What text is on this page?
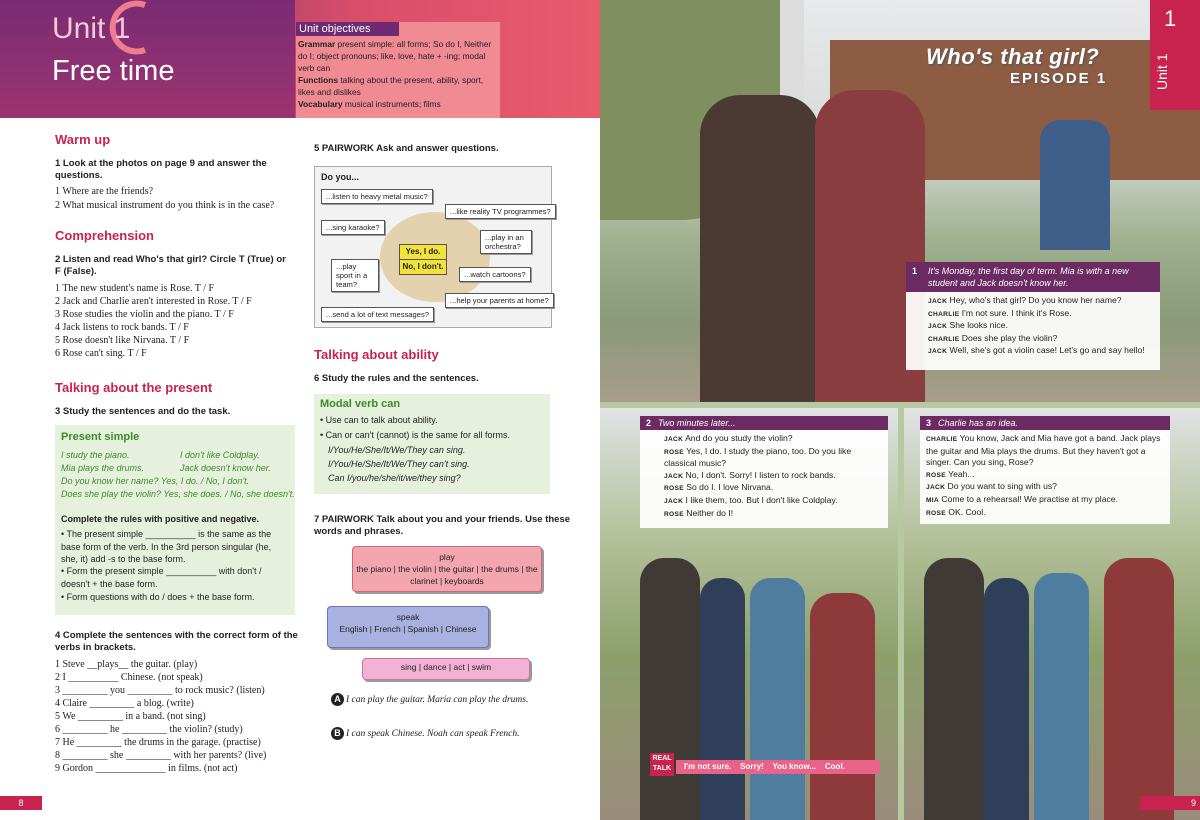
Unit 1
Free time
Unit objectives
Grammar present simple: all forms; So do I, Neither do I; object pronouns; like, love, hate + -ing; modal verb can
Functions talking about the present, ability, sport, likes and dislikes
Vocabulary musical instruments; films
Warm up
1 Look at the photos on page 9 and answer the questions.
1 Where are the friends?
2 What musical instrument do you think is in the case?
Comprehension
2 Listen and read Who's that girl? Circle T (True) or F (False).
1 The new student's name is Rose. T / F
2 Jack and Charlie aren't interested in Rose. T / F
3 Rose studies the violin and the piano. T / F
4 Jack listens to rock bands. T / F
5 Rose doesn't like Nirvana. T / F
6 Rose can't sing. T / F
Talking about the present
3 Study the sentences and do the task.
Present simple
I study the piano.	I don't like Coldplay.
Mia plays the drums.	Jack doesn't know her.
Do you know her name? Yes, I do. / No, I don't.
Does she play the violin? Yes, she does. / No, she doesn't.
Complete the rules with positive and negative.
• The present simple __________ is the same as the base form of the verb. In the 3rd person singular (he, she, it) add -s to the base form.
• Form the present simple __________ with don't / doesn't + the base form.
• Form questions with do / does + the base form.
4 Complete the sentences with the correct form of the verbs in brackets.
1 Steve __plays__ the guitar. (play)
2 I __________ Chinese. (not speak)
3 _________ you _________ to rock music? (listen)
4 Claire _________ a blog. (write)
5 We _________ in a band. (not sing)
6 _________ he _________ the violin? (study)
7 He _________ the drums in the garage. (practise)
8 _________ she _________ with her parents? (live)
9 Gordon ______________ in films. (not act)
5 PAIRWORK Ask and answer questions.
Do you...
Yes, I do.
No, I don't.
...listen to heavy metal music?
...like reality TV programmes?
...sing karaoke?
...play in an orchestra?
...play sport in a team?
...watch cartoons?
...help your parents at home?
...send a lot of text messages?
Talking about ability
6 Study the rules and the sentences.
Modal verb can
• Use can to talk about ability.
• Can or can't (cannot) is the same for all forms.
I/You/He/She/It/We/They can sing.
I/You/He/She/It/We/They can't sing.
Can I/you/he/she/it/we/they sing?
7 PAIRWORK Talk about you and your friends. Use these words and phrases.
play
the piano | the violin | the guitar | the drums | the clarinet | keyboards
speak
English | French | Spanish | Chinese
sing | dance | act | swim
A I can play the guitar. Maria can play the drums.
B I can speak Chinese. Noah can speak French.
8
Who's that girl?
EPISODE 1
1
Unit 1
1 It's Monday, the first day of term. Mia is with a new student and Jack doesn't know her.
JACK Hey, who's that girl? Do you know her name?
CHARLIE I'm not sure. I think it's Rose.
JACK She looks nice.
CHARLIE Does she play the violin?
JACK Well, she's got a violin case! Let's go and say hello!
2 Two minutes later...
JACK And do you study the violin?
ROSE Yes, I do. I study the piano, too. Do you like classical music?
JACK No, I don't. Sorry! I listen to rock bands.
ROSE So do I. I love Nirvana.
JACK I like them, too. But I don't like Coldplay.
ROSE Neither do I!
3 Charlie has an idea.
CHARLIE You know, Jack and Mia have got a band. Jack plays the guitar and Mia plays the drums. But they haven't got a singer. Can you sing, Rose?
ROSE Yeah...
JACK Do you want to sing with us?
MIA Come to a rehearsal! We practise at my place.
ROSE OK. Cool.
REAL
TALK	I'm not sure.    Sorry!    You know...    Cool.
9
